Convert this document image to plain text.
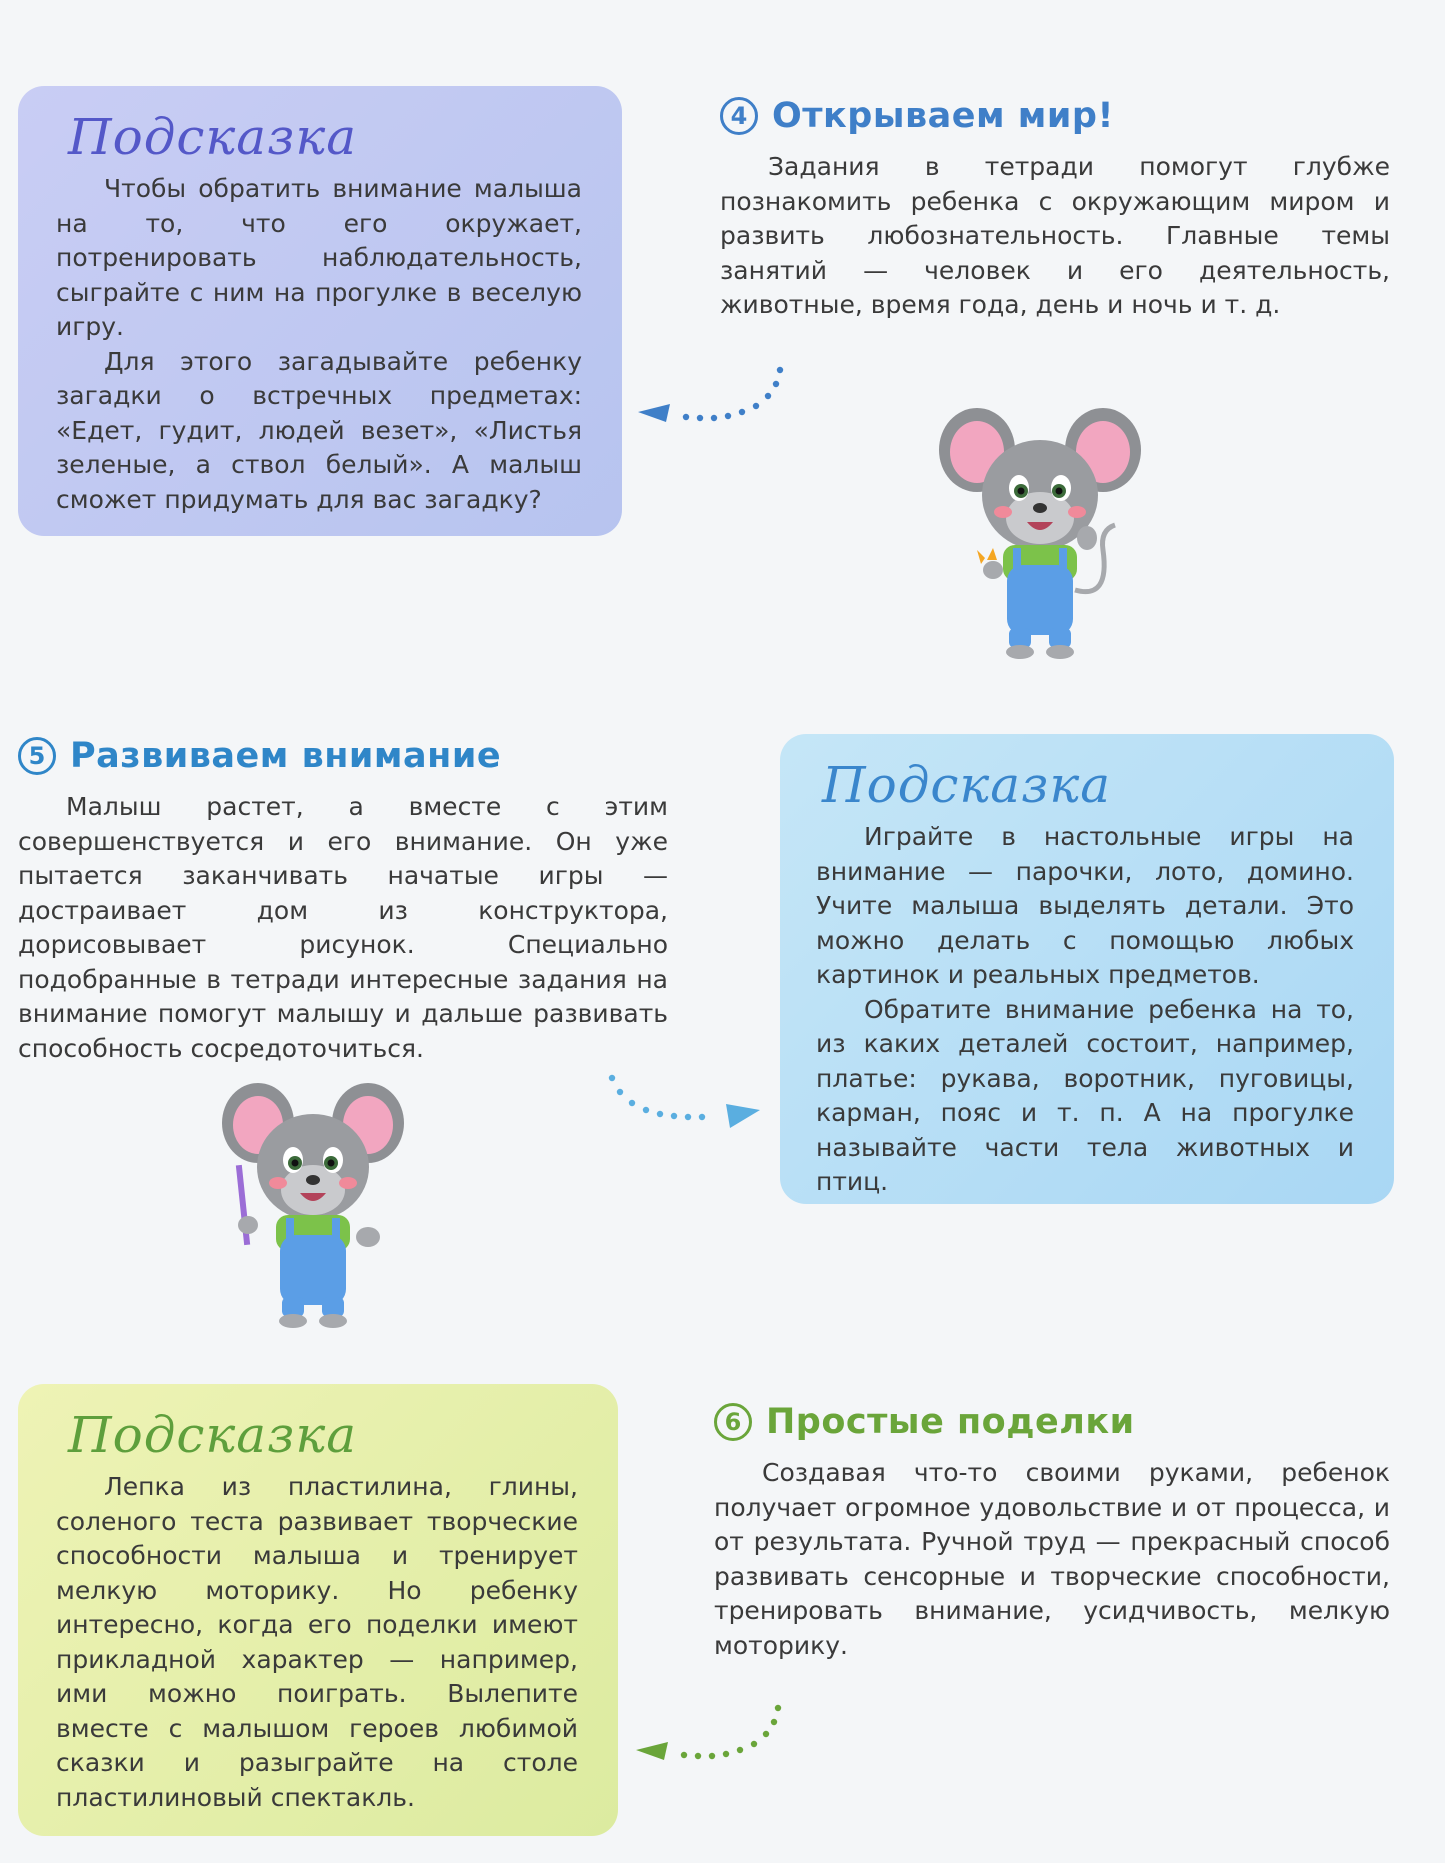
Подсказка

Чтобы обратить внимание малыша на то, что его окружает, потренировать наблюдательность, сыграйте с ним на прогулке в веселую игру.

Для этого загадывайте ребенку загадки о встречных предметах: «Едет, гудит, людей везет», «Листья зеленые, а ствол белый». А малыш сможет придумать для вас загадку?

4 Открываем мир!

Задания в тетради помогут глубже познакомить ребенка с окружающим миром и развить любознательность. Главные темы занятий — человек и его деятельность, животные, время года, день и ночь и т. д.

5 Развиваем внимание

Малыш растет, а вместе с этим совершенствуется и его внимание. Он уже пытается заканчивать начатые игры — достраивает дом из конструктора, дорисовывает рисунок. Специально подобранные в тетради интересные задания на внимание помогут малышу и дальше развивать способность сосредоточиться.

Подсказка

Играйте в настольные игры на внимание — парочки, лото, домино. Учите малыша выделять детали. Это можно делать с помощью любых картинок и реальных предметов.

Обратите внимание ребенка на то, из каких деталей состоит, например, платье: рукава, воротник, пуговицы, карман, пояс и т. п. А на прогулке называйте части тела животных и птиц.

Подсказка

Лепка из пластилина, глины, соленого теста развивает творческие способности малыша и тренирует мелкую моторику. Но ребенку интересно, когда его поделки имеют прикладной характер — например, ими можно поиграть. Вылепите вместе с малышом героев любимой сказки и разыграйте на столе пластилиновый спектакль.

6 Простые поделки

Создавая что-то своими руками, ребенок получает огромное удовольствие и от процесса, и от результата. Ручной труд — прекрасный способ развивать сенсорные и творческие способности, тренировать внимание, усидчивость, мелкую моторику.
